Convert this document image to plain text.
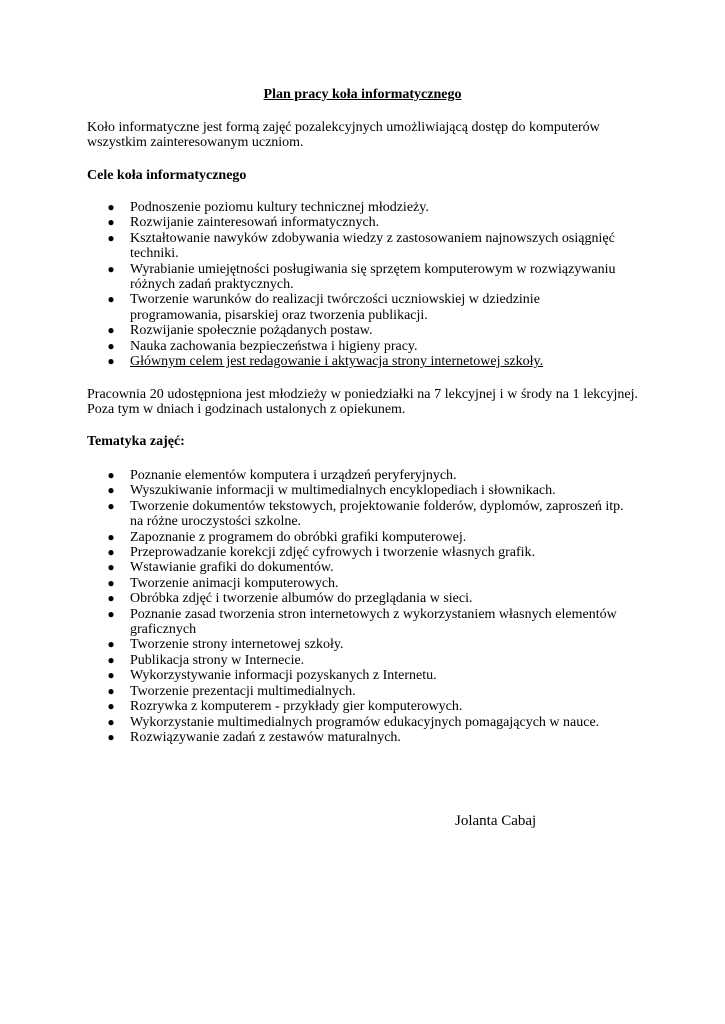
Plan pracy koła informatycznego

Koło informatyczne jest formą zajęć pozalekcyjnych umożliwiającą dostęp do komputerów wszystkim zainteresowanym uczniom.

Cele koła informatycznego

● Podnoszenie poziomu kultury technicznej młodzieży.
● Rozwijanie zainteresowań informatycznych.
● Kształtowanie nawyków zdobywania wiedzy z zastosowaniem najnowszych osiągnięć techniki.
● Wyrabianie umiejętności posługiwania się sprzętem komputerowym w rozwiązywaniu różnych zadań praktycznych.
● Tworzenie warunków do realizacji twórczości uczniowskiej w dziedzinie programowania, pisarskiej oraz tworzenia publikacji.
● Rozwijanie społecznie pożądanych postaw.
● Nauka zachowania bezpieczeństwa i higieny pracy.
● Głównym celem jest redagowanie i aktywacja strony internetowej szkoły.

Pracownia 20 udostępniona jest młodzieży w poniedziałki na 7 lekcyjnej i w środy na 1 lekcyjnej. Poza tym w dniach i godzinach ustalonych z opiekunem.

Tematyka zajęć:

● Poznanie elementów komputera i urządzeń peryferyjnych.
● Wyszukiwanie informacji w multimedialnych encyklopediach i słownikach.
● Tworzenie dokumentów tekstowych, projektowanie folderów, dyplomów, zaproszeń itp. na różne uroczystości szkolne.
● Zapoznanie z programem do obróbki grafiki komputerowej.
● Przeprowadzanie korekcji zdjęć cyfrowych i tworzenie własnych grafik.
● Wstawianie grafiki do dokumentów.
● Tworzenie animacji komputerowych.
● Obróbka zdjęć i tworzenie albumów do przeglądania w sieci.
● Poznanie zasad tworzenia stron internetowych z wykorzystaniem własnych elementów graficznych
● Tworzenie strony internetowej szkoły.
● Publikacja strony w Internecie.
● Wykorzystywanie informacji pozyskanych z Internetu.
● Tworzenie prezentacji multimedialnych.
● Rozrywka z komputerem - przykłady gier komputerowych.
● Wykorzystanie multimedialnych programów edukacyjnych pomagających w nauce.
● Rozwiązywanie zadań z zestawów maturalnych.

Jolanta Cabaj
